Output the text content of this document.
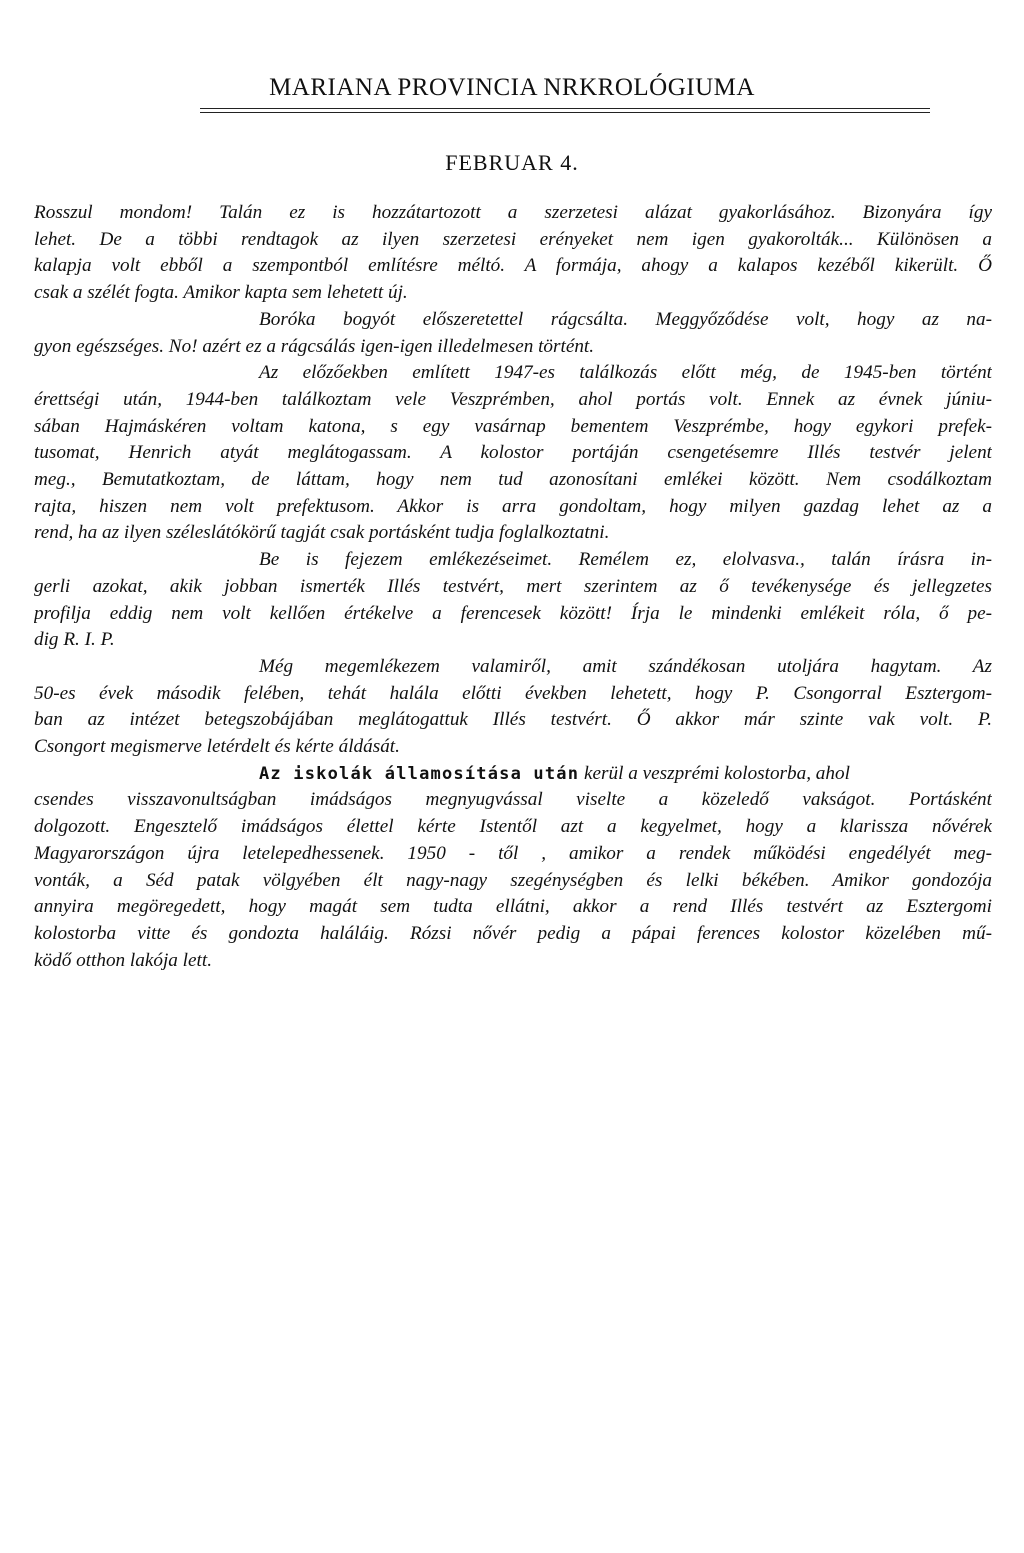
MARIANA PROVINCIA NRKROLÓGIUMA
FEBRUAR 4.
Rosszul mondom! Talán ez is hozzátartozott a szerzetesi alázat gyakorlásához. Bizonyára így
lehet. De a többi rendtagok az ilyen szerzetesi erényeket nem igen gyakorolták... Különösen a
kalapja volt ebből a szempontból említésre méltó. A formája, ahogy a kalapos kezéből kikerült. Ő
csak a szélét fogta. Amikor kapta sem lehetett új.
Boróka bogyót előszeretettel rágcsálta. Meggyőződése volt, hogy az na-
gyon egészséges. No! azért ez a rágcsálás igen-igen illedelmesen történt.
Az előzőekben említett 1947-es találkozás előtt még, de 1945-ben történt
érettségi után, 1944-ben találkoztam vele Veszprémben, ahol portás volt. Ennek az évnek júniu-
sában Hajmáskéren voltam katona, s egy vasárnap bementem Veszprémbe, hogy egykori prefek-
tusomat, Henrich atyát meglátogassam. A kolostor portáján csengetésemre Illés testvér jelent
meg., Bemutatkoztam, de láttam, hogy nem tud azonosítani emlékei között. Nem csodálkoztam
rajta, hiszen nem volt prefektusom. Akkor is arra gondoltam, hogy milyen gazdag lehet az a
rend, ha az ilyen széleslátókörű tagját csak portásként tudja foglalkoztatni.
Be is fejezem emlékezéseimet. Remélem ez, elolvasva., talán írásra in-
gerli azokat, akik jobban ismerték Illés testvért, mert szerintem az ő tevékenysége és jellegzetes
profilja eddig nem volt kellően értékelve a ferencesek között! Írja le mindenki emlékeit róla, ő pe-
dig R. I. P.
Még megemlékezem valamiről, amit szándékosan utoljára hagytam. Az
50-es évek második felében, tehát halála előtti években lehetett, hogy P. Csongorral Esztergom-
ban az intézet betegszobájában meglátogattuk Illés testvért. Ő akkor már szinte vak volt. P.
Csongort megismerve letérdelt és kérte áldását.
Az iskolák államosítása után kerül a veszprémi kolostorba, ahol
csendes visszavonultságban imádságos megnyugvással viselte a közeledő vakságot. Portásként
dolgozott. Engesztelő imádságos élettel kérte Istentől azt a kegyelmet, hogy a klarissza nővérek
Magyarországon újra letelepedhessenek. 1950 - től , amikor a rendek működési engedélyét meg-
vonták, a Séd patak völgyében élt nagy-nagy szegénységben és lelki békében. Amikor gondozója
annyira megöregedett, hogy magát sem tudta ellátni, akkor a rend Illés testvért az Esztergomi
kolostorba vitte és gondozta haláláig. Rózsi nővér pedig a pápai ferences kolostor közelében mű-
ködő otthon lakója lett.
